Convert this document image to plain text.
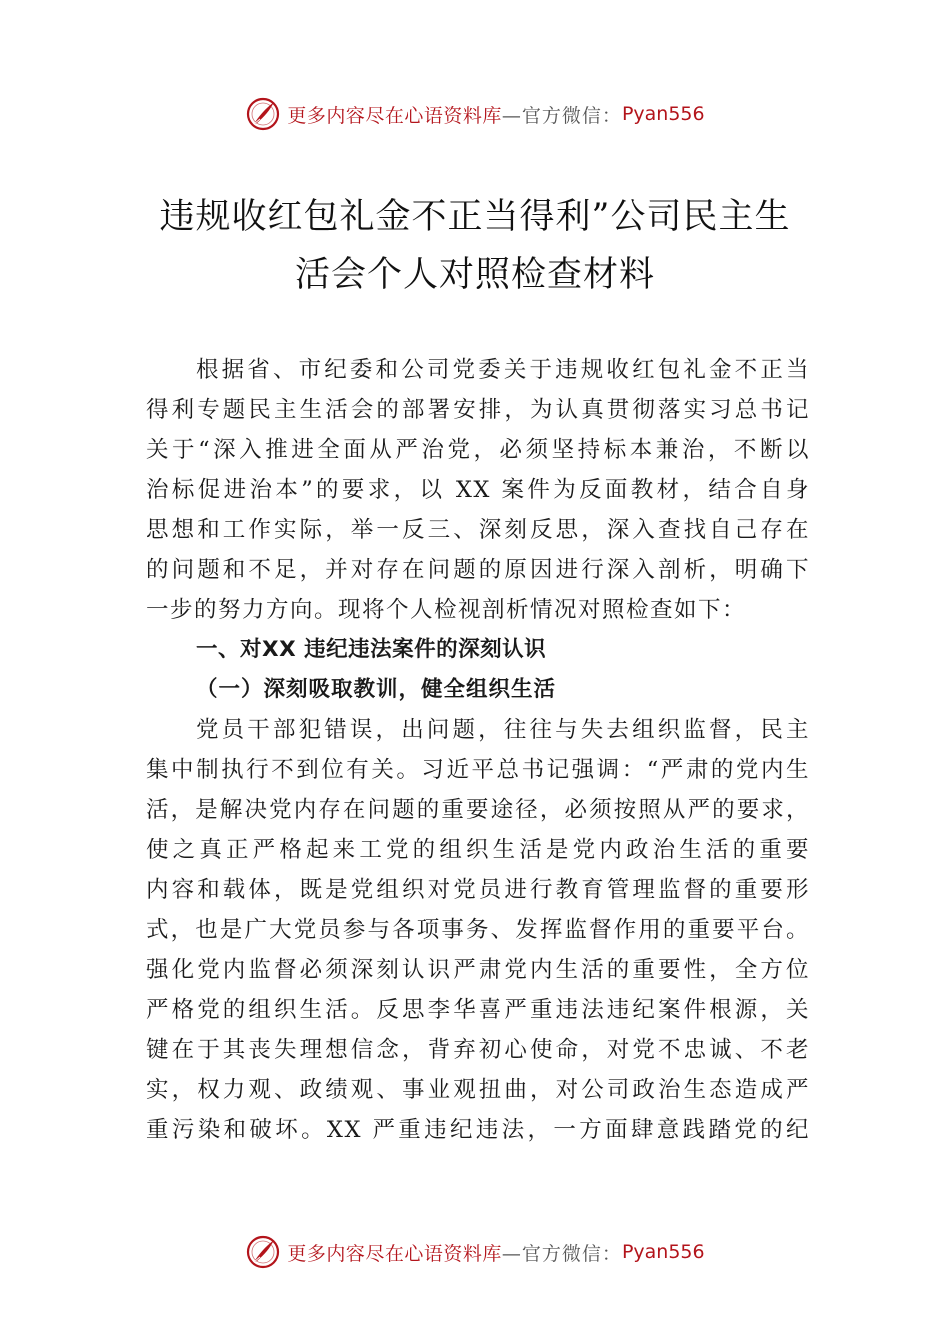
更多内容尽在心语资料库 —官方微信： Pyan556
违规收红包礼金不正当得利”公司民主生
活会个人对照检查材料
根据省、市纪委和公司党委关于违规收红包礼金不正当
得利专题民主生活会的部署安排，为认真贯彻落实习总书记
关于“深入推进全面从严治党，必须坚持标本兼治，不断以
治标促进治本”的要求，以 XX 案件为反面教材，结合自身
思想和工作实际，举一反三、深刻反思，深入查找自己存在
的问题和不足，并对存在问题的原因进行深入剖析，明确下
一步的努力方向。现将个人检视剖析情况对照检查如下：
一、对XX 违纪违法案件的深刻认识
（一）深刻吸取教训，健全组织生活
党员干部犯错误，出问题，往往与失去组织监督，民主
集中制执行不到位有关。习近平总书记强调：“严肃的党内生
活，是解决党内存在问题的重要途径，必须按照从严的要求，
使之真正严格起来工党的组织生活是党内政治生活的重要
内容和载体，既是党组织对党员进行教育管理监督的重要形
式，也是广大党员参与各项事务、发挥监督作用的重要平台。
强化党内监督必须深刻认识严肃党内生活的重要性，全方位
严格党的组织生活。反思李华喜严重违法违纪案件根源，关
键在于其丧失理想信念，背弃初心使命，对党不忠诚、不老
实，权力观、政绩观、事业观扭曲，对公司政治生态造成严
重污染和破坏。XX 严重违纪违法，一方面肆意践踏党的纪
更多内容尽在心语资料库 —官方微信： Pyan556
